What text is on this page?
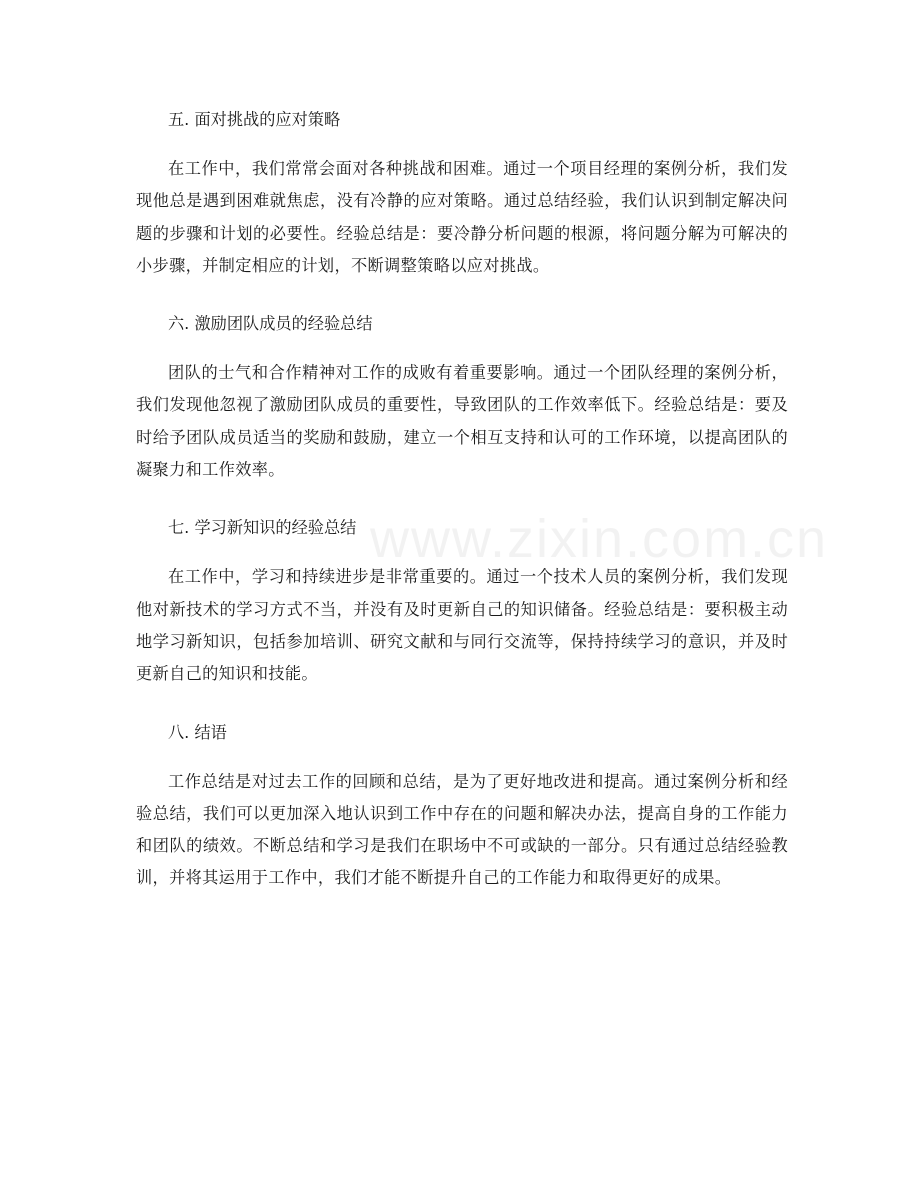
www.zixin.com.cn

五. 面对挑战的应对策略

在工作中，我们常常会面对各种挑战和困难。通过一个项目经理的案例分析，我们发现他总是遇到困难就焦虑，没有冷静的应对策略。通过总结经验，我们认识到制定解决问题的步骤和计划的必要性。经验总结是：要冷静分析问题的根源，将问题分解为可解决的小步骤，并制定相应的计划，不断调整策略以应对挑战。

六. 激励团队成员的经验总结

团队的士气和合作精神对工作的成败有着重要影响。通过一个团队经理的案例分析，我们发现他忽视了激励团队成员的重要性，导致团队的工作效率低下。经验总结是：要及时给予团队成员适当的奖励和鼓励，建立一个相互支持和认可的工作环境，以提高团队的凝聚力和工作效率。

七. 学习新知识的经验总结

在工作中，学习和持续进步是非常重要的。通过一个技术人员的案例分析，我们发现他对新技术的学习方式不当，并没有及时更新自己的知识储备。经验总结是：要积极主动地学习新知识，包括参加培训、研究文献和与同行交流等，保持持续学习的意识，并及时更新自己的知识和技能。

八. 结语

工作总结是对过去工作的回顾和总结，是为了更好地改进和提高。通过案例分析和经验总结，我们可以更加深入地认识到工作中存在的问题和解决办法，提高自身的工作能力和团队的绩效。不断总结和学习是我们在职场中不可或缺的一部分。只有通过总结经验教训，并将其运用于工作中，我们才能不断提升自己的工作能力和取得更好的成果。
